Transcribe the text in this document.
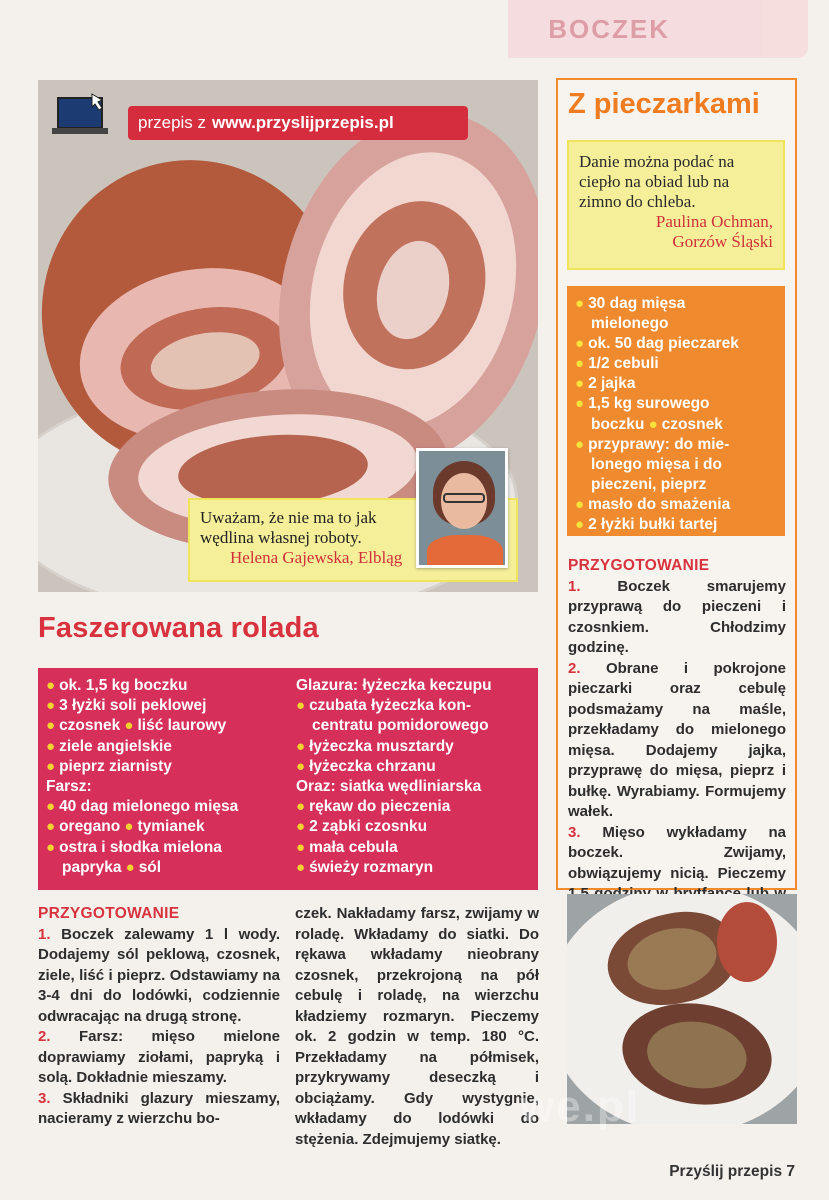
BOCZEK
przepis z www.przyslijprzepis.pl
Uważam, że nie ma to jak wędlina własnej roboty.
Helena Gajewska, Elbląg
Faszerowana rolada
● ok. 1,5 kg boczku
● 3 łyżki soli peklowej
● czosnek ● liść laurowy
● ziele angielskie
● pieprz ziarnisty
Farsz:
● 40 dag mielonego mięsa
● oregano ● tymianek
● ostra i słodka mielona
papryka ● sól
Glazura: łyżeczka keczupu
● czubata łyżeczka kon-
centratu pomidorowego
● łyżeczka musztardy
● łyżeczka chrzanu
Oraz: siatka wędliniarska
● rękaw do pieczenia
● 2 ząbki czosnku
● mała cebula
● świeży rozmaryn
PRZYGOTOWANIE
1. Boczek zalewamy 1 l wody. Dodajemy sól peklową, czosnek, ziele, liść i pieprz. Odstawiamy na 3-4 dni do lodówki, codziennie odwracając na drugą stronę.
2. Farsz: mięso mielone doprawiamy ziołami, papryką i solą. Dokładnie mieszamy.
3. Składniki glazury mieszamy, nacieramy z wierzchu bo-
czek. Nakładamy farsz, zwijamy w roladę. Wkładamy do siatki. Do rękawa wkładamy nieobrany czosnek, przekrojoną na pół cebulę i roladę, na wierzchu kładziemy rozmaryn. Pieczemy ok. 2 godzin w temp. 180 °C. Przekładamy na półmisek, przykrywamy deseczką i obciążamy. Gdy wystygnie, wkładamy do lodówki do stężenia. Zdejmujemy siatkę.
Z pieczarkami
Danie można podać na ciepło na obiad lub na zimno do chleba.
Paulina Ochman,
Gorzów Śląski
● 30 dag mięsa
mielonego
● ok. 50 dag pieczarek
● 1/2 cebuli
● 2 jajka
● 1,5 kg surowego
boczku ● czosnek
● przyprawy: do mie-
lonego mięsa i do
pieczeni, pieprz
● masło do smażenia
● 2 łyżki bułki tartej
PRZYGOTOWANIE
1. Boczek smarujemy przyprawą do pieczeni i czosnkiem. Chłodzimy godzinę.
2. Obrane i pokrojone pieczarki oraz cebulę podsmażamy na maśle, przekładamy do mielonego mięsa. Dodajemy jajka, przyprawę do mięsa, pieprz i bułkę. Wyrabiamy. Formujemy wałek.
3. Mięso wykładamy na boczek. Zwijamy, obwiązujemy nicią. Pieczemy
we.pl
Przyślij przepis 7
